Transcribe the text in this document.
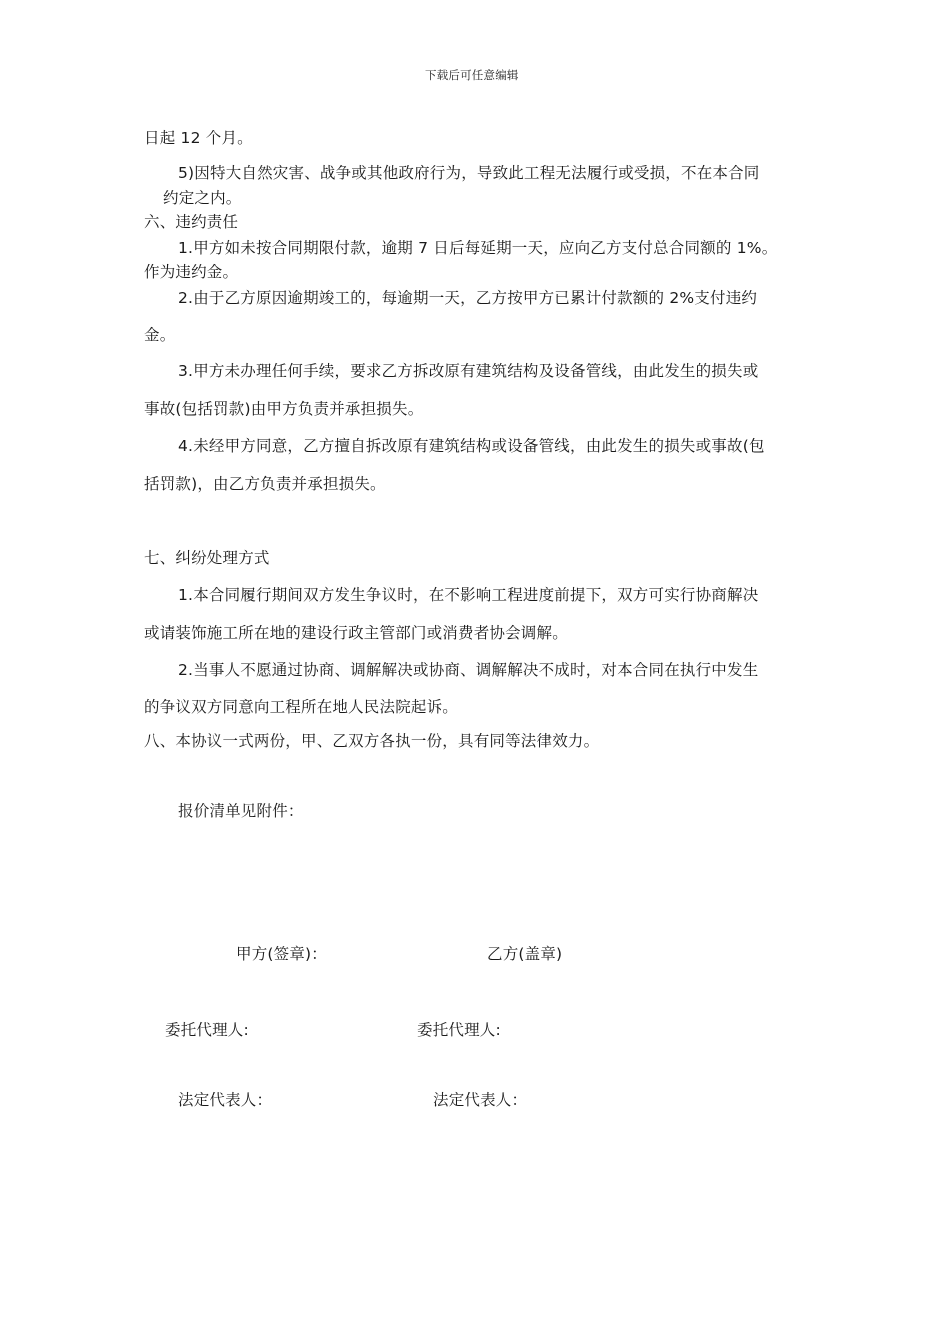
下载后可任意编辑
日起 12 个月。
5)因特大自然灾害、战争或其他政府行为，导致此工程无法履行或受损，不在本合同
约定之内。
六、违约责任
1.甲方如未按合同期限付款，逾期 7 日后每延期一天，应向乙方支付总合同额的 1%。
作为违约金。
2.由于乙方原因逾期竣工的，每逾期一天，乙方按甲方已累计付款额的 2%支付违约
金。
3.甲方未办理任何手续，要求乙方拆改原有建筑结构及设备管线，由此发生的损失或
事故(包括罚款)由甲方负责并承担损失。
4.未经甲方同意，乙方擅自拆改原有建筑结构或设备管线，由此发生的损失或事故(包
括罚款)，由乙方负责并承担损失。
七、纠纷处理方式
1.本合同履行期间双方发生争议时，在不影响工程进度前提下，双方可实行协商解决
或请装饰施工所在地的建设行政主管部门或消费者协会调解。
2.当事人不愿通过协商、调解解决或协商、调解解决不成时，对本合同在执行中发生
的争议双方同意向工程所在地人民法院起诉。
八、本协议一式两份，甲、乙双方各执一份，具有同等法律效力。
报价清单见附件：
甲方(签章)：	乙方(盖章)
委托代理人:	委托代理人:
法定代表人：	法定代表人：
